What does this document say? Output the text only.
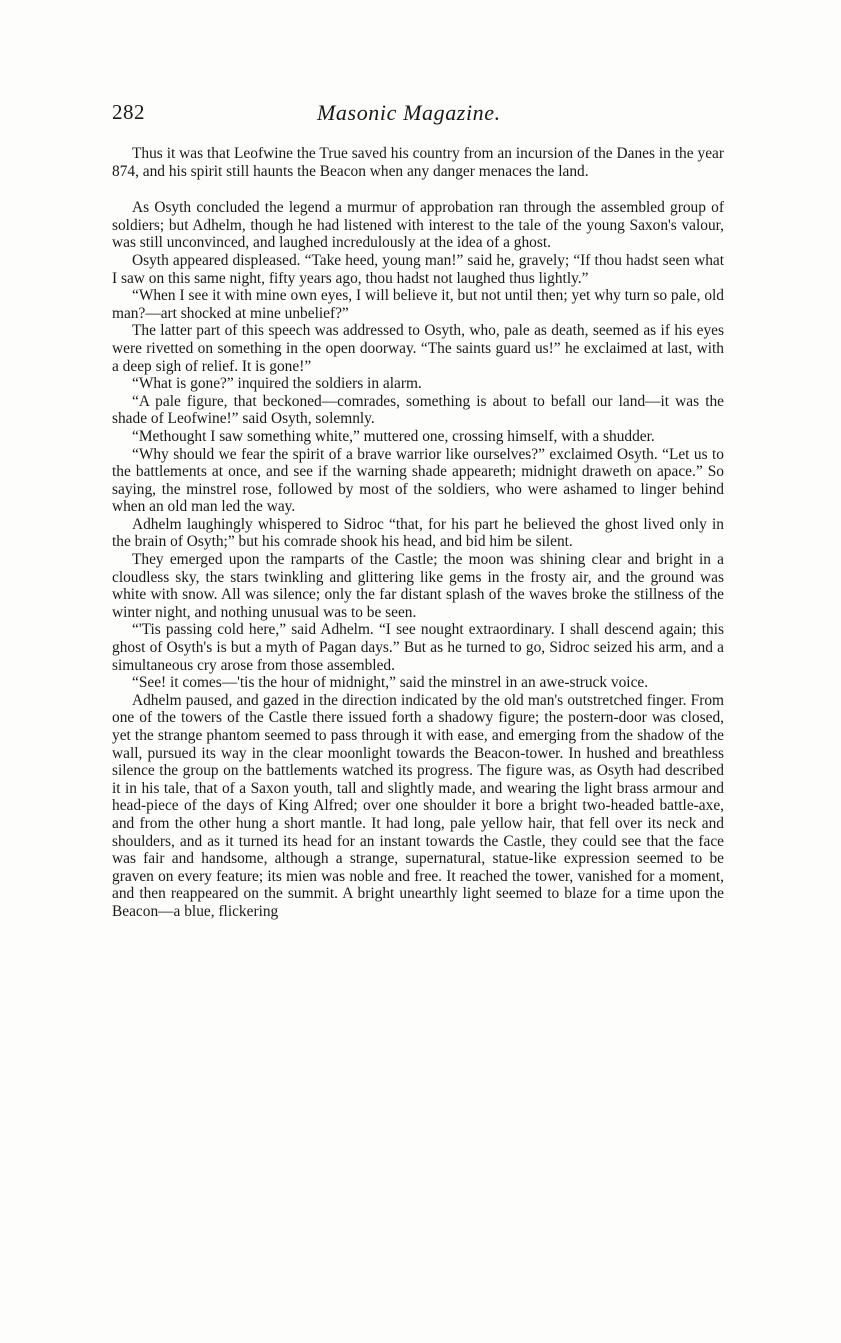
282	Masonic Magazine.

Thus it was that Leofwine the True saved his country from an incursion of the Danes in the year 874, and his spirit still haunts the Beacon when any danger menaces the land.

As Osyth concluded the legend a murmur of approbation ran through the assembled group of soldiers; but Adhelm, though he had listened with interest to the tale of the young Saxon's valour, was still unconvinced, and laughed incredulously at the idea of a ghost.

Osyth appeared displeased. “Take heed, young man!” said he, gravely; “If thou hadst seen what I saw on this same night, fifty years ago, thou hadst not laughed thus lightly.”

“When I see it with mine own eyes, I will believe it, but not until then; yet why turn so pale, old man?—art shocked at mine unbelief?”

The latter part of this speech was addressed to Osyth, who, pale as death, seemed as if his eyes were rivetted on something in the open doorway. “The saints guard us!” he exclaimed at last, with a deep sigh of relief. It is gone!”

“What is gone?” inquired the soldiers in alarm.

“A pale figure, that beckoned—comrades, something is about to befall our land—it was the shade of Leofwine!” said Osyth, solemnly.

“Methought I saw something white,” muttered one, crossing himself, with a shudder.

“Why should we fear the spirit of a brave warrior like ourselves?” exclaimed Osyth. “Let us to the battlements at once, and see if the warning shade appeareth; midnight draweth on apace.” So saying, the minstrel rose, followed by most of the soldiers, who were ashamed to linger behind when an old man led the way.

Adhelm laughingly whispered to Sidroc “that, for his part he believed the ghost lived only in the brain of Osyth;” but his comrade shook his head, and bid him be silent.

They emerged upon the ramparts of the Castle; the moon was shining clear and bright in a cloudless sky, the stars twinkling and glittering like gems in the frosty air, and the ground was white with snow. All was silence; only the far distant splash of the waves broke the stillness of the winter night, and nothing unusual was to be seen.

“'Tis passing cold here,” said Adhelm. “I see nought extraordinary. I shall descend again; this ghost of Osyth's is but a myth of Pagan days.” But as he turned to go, Sidroc seized his arm, and a simultaneous cry arose from those assembled.

“See! it comes—'tis the hour of midnight,” said the minstrel in an awe-struck voice.

Adhelm paused, and gazed in the direction indicated by the old man's outstretched finger. From one of the towers of the Castle there issued forth a shadowy figure; the postern-door was closed, yet the strange phantom seemed to pass through it with ease, and emerging from the shadow of the wall, pursued its way in the clear moonlight towards the Beacon-tower. In hushed and breathless silence the group on the battlements watched its progress. The figure was, as Osyth had described it in his tale, that of a Saxon youth, tall and slightly made, and wearing the light brass armour and head-piece of the days of King Alfred; over one shoulder it bore a bright two-headed battle-axe, and from the other hung a short mantle. It had long, pale yellow hair, that fell over its neck and shoulders, and as it turned its head for an instant towards the Castle, they could see that the face was fair and handsome, although a strange, supernatural, statue-like expression seemed to be graven on every feature; its mien was noble and free. It reached the tower, vanished for a moment, and then reappeared on the summit. A bright unearthly light seemed to blaze for a time upon the Beacon—a blue, flickering
